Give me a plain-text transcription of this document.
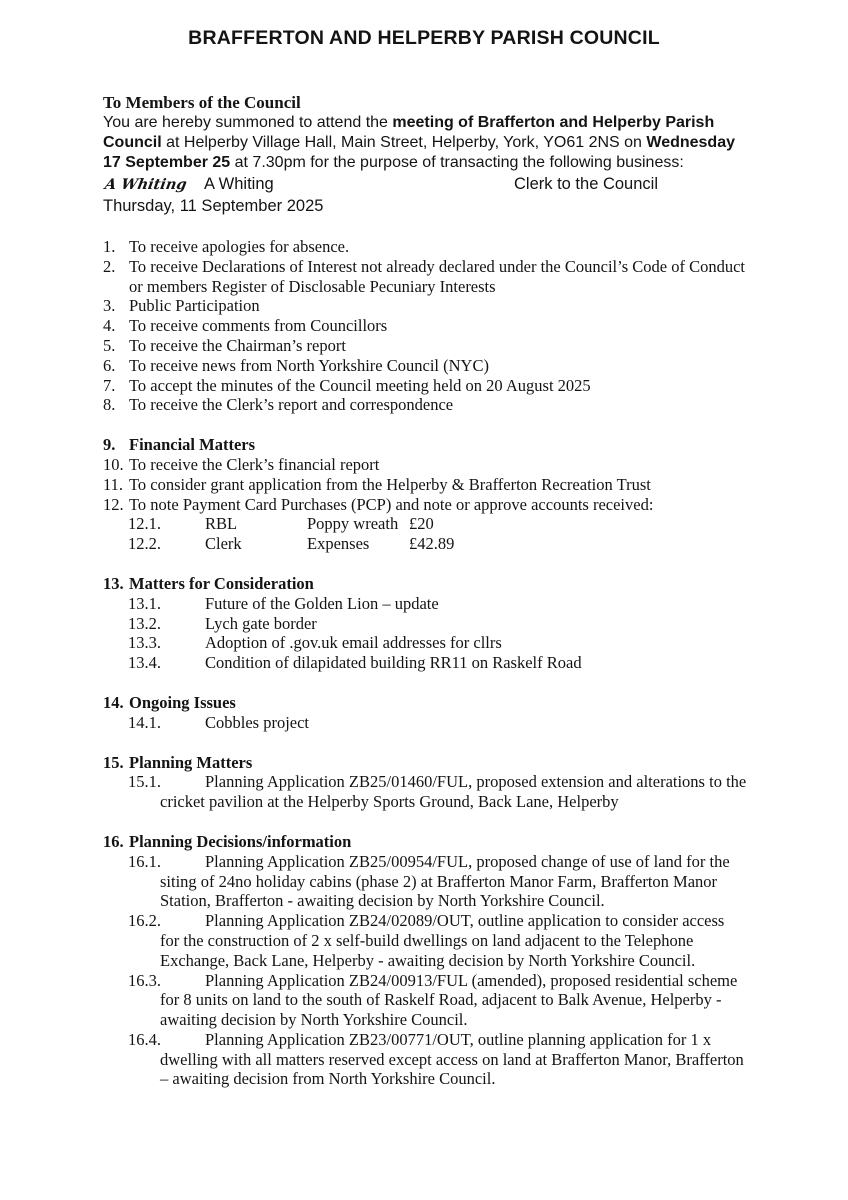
BRAFFERTON AND HELPERBY PARISH COUNCIL
To Members of the Council

You are hereby summoned to attend the meeting of Brafferton and Helperby Parish Council at Helperby Village Hall, Main Street, Helperby, York, YO61 2NS on Wednesday 17 September 25 at 7.30pm for the purpose of transacting the following business:

A Whiting A Whiting	Clerk to the Council
Thursday, 11 September 2025
1. To receive apologies for absence.
2. To receive Declarations of Interest not already declared under the Council’s Code of Conduct or members Register of Disclosable Pecuniary Interests
3. Public Participation
4. To receive comments from Councillors
5. To receive the Chairman’s report
6. To receive news from North Yorkshire Council (NYC)
7. To accept the minutes of the Council meeting held on 20 August 2025
8. To receive the Clerk’s report and correspondence
9. Financial Matters
10. To receive the Clerk’s financial report
11. To consider grant application from the Helperby & Brafferton Recreation Trust
12. To note Payment Card Purchases (PCP) and note or approve accounts received:
12.1.	RBL	Poppy wreath £20
12.2.	Clerk	Expenses	£42.89
13. Matters for Consideration
13.1.	Future of the Golden Lion – update
13.2.	Lych gate border
13.3.	Adoption of .gov.uk email addresses for cllrs
13.4.	Condition of dilapidated building RR11 on Raskelf Road
14. Ongoing Issues
14.1.	Cobbles project
15. Planning Matters
15.1.	Planning Application ZB25/01460/FUL, proposed extension and alterations to the cricket pavilion at the Helperby Sports Ground, Back Lane, Helperby
16. Planning Decisions/information
16.1.	Planning Application ZB25/00954/FUL, proposed change of use of land for the siting of 24no holiday cabins (phase 2) at Brafferton Manor Farm, Brafferton Manor Station, Brafferton - awaiting decision by North Yorkshire Council.
16.2.	Planning Application ZB24/02089/OUT, outline application to consider access for the construction of 2 x self-build dwellings on land adjacent to the Telephone Exchange, Back Lane, Helperby - awaiting decision by North Yorkshire Council.
16.3.	Planning Application ZB24/00913/FUL (amended), proposed residential scheme for 8 units on land to the south of Raskelf Road, adjacent to Balk Avenue, Helperby - awaiting decision by North Yorkshire Council.
16.4.	Planning Application ZB23/00771/OUT, outline planning application for 1 x dwelling with all matters reserved except access on land at Brafferton Manor, Brafferton – awaiting decision from North Yorkshire Council.
